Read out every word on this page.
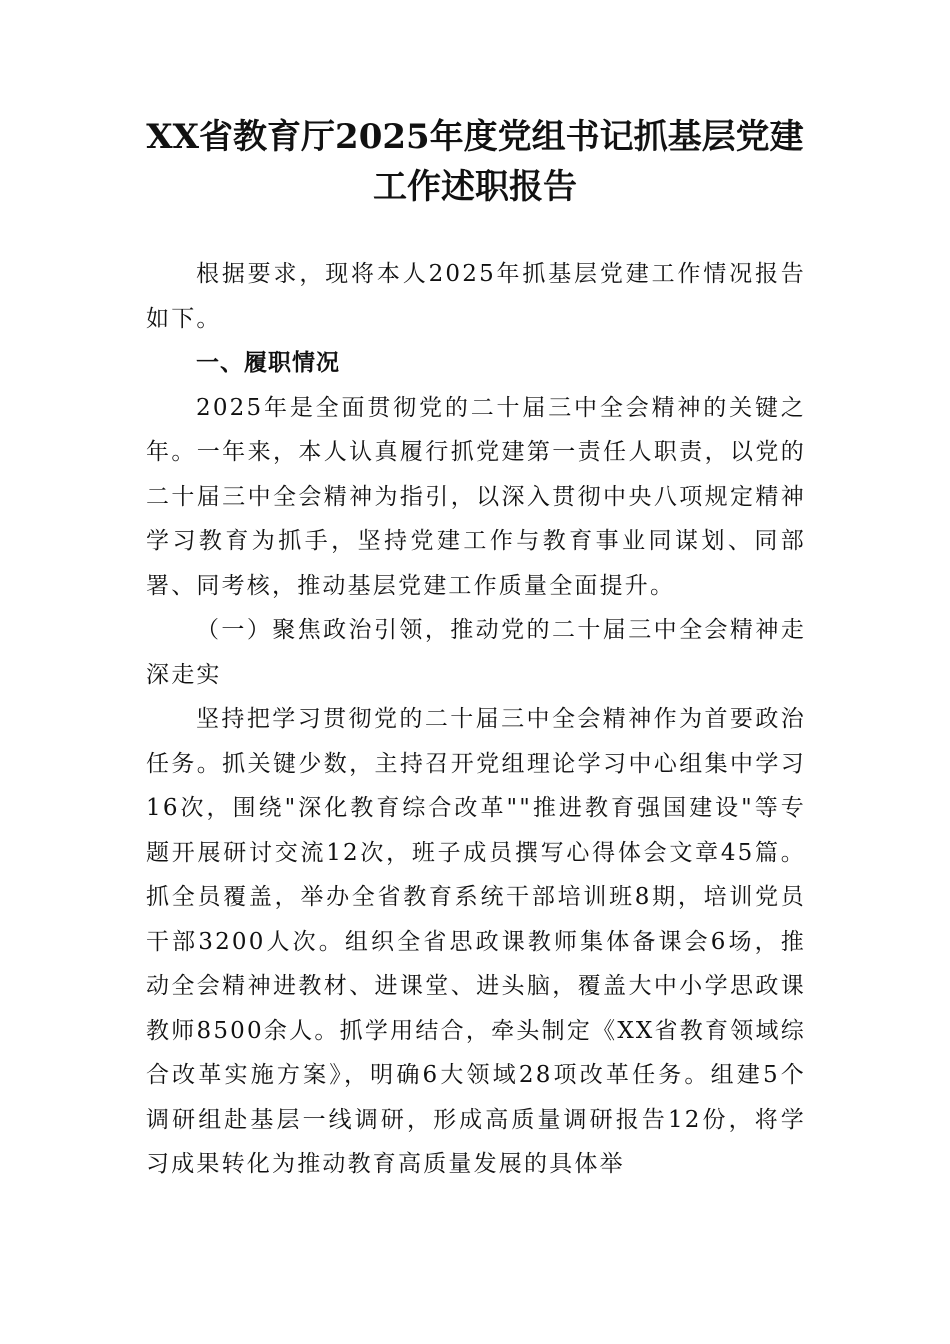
XX省教育厅2025年度党组书记抓基层党建工作述职报告

根据要求，现将本人2025年抓基层党建工作情况报告如下。

一、履职情况

2025年是全面贯彻党的二十届三中全会精神的关键之年。一年来，本人认真履行抓党建第一责任人职责，以党的二十届三中全会精神为指引，以深入贯彻中央八项规定精神学习教育为抓手，坚持党建工作与教育事业同谋划、同部署、同考核，推动基层党建工作质量全面提升。

（一）聚焦政治引领，推动党的二十届三中全会精神走深走实

坚持把学习贯彻党的二十届三中全会精神作为首要政治任务。抓关键少数，主持召开党组理论学习中心组集中学习16次，围绕"深化教育综合改革""推进教育强国建设"等专题开展研讨交流12次，班子成员撰写心得体会文章45篇。抓全员覆盖，举办全省教育系统干部培训班8期，培训党员干部3200人次。组织全省思政课教师集体备课会6场，推动全会精神进教材、进课堂、进头脑，覆盖大中小学思政课教师8500余人。抓学用结合，牵头制定《XX省教育领域综合改革实施方案》，明确6大领域28项改革任务。组建5个调研组赴基层一线调研，形成高质量调研报告12份，将学习成果转化为推动教育高质量发展的具体举
